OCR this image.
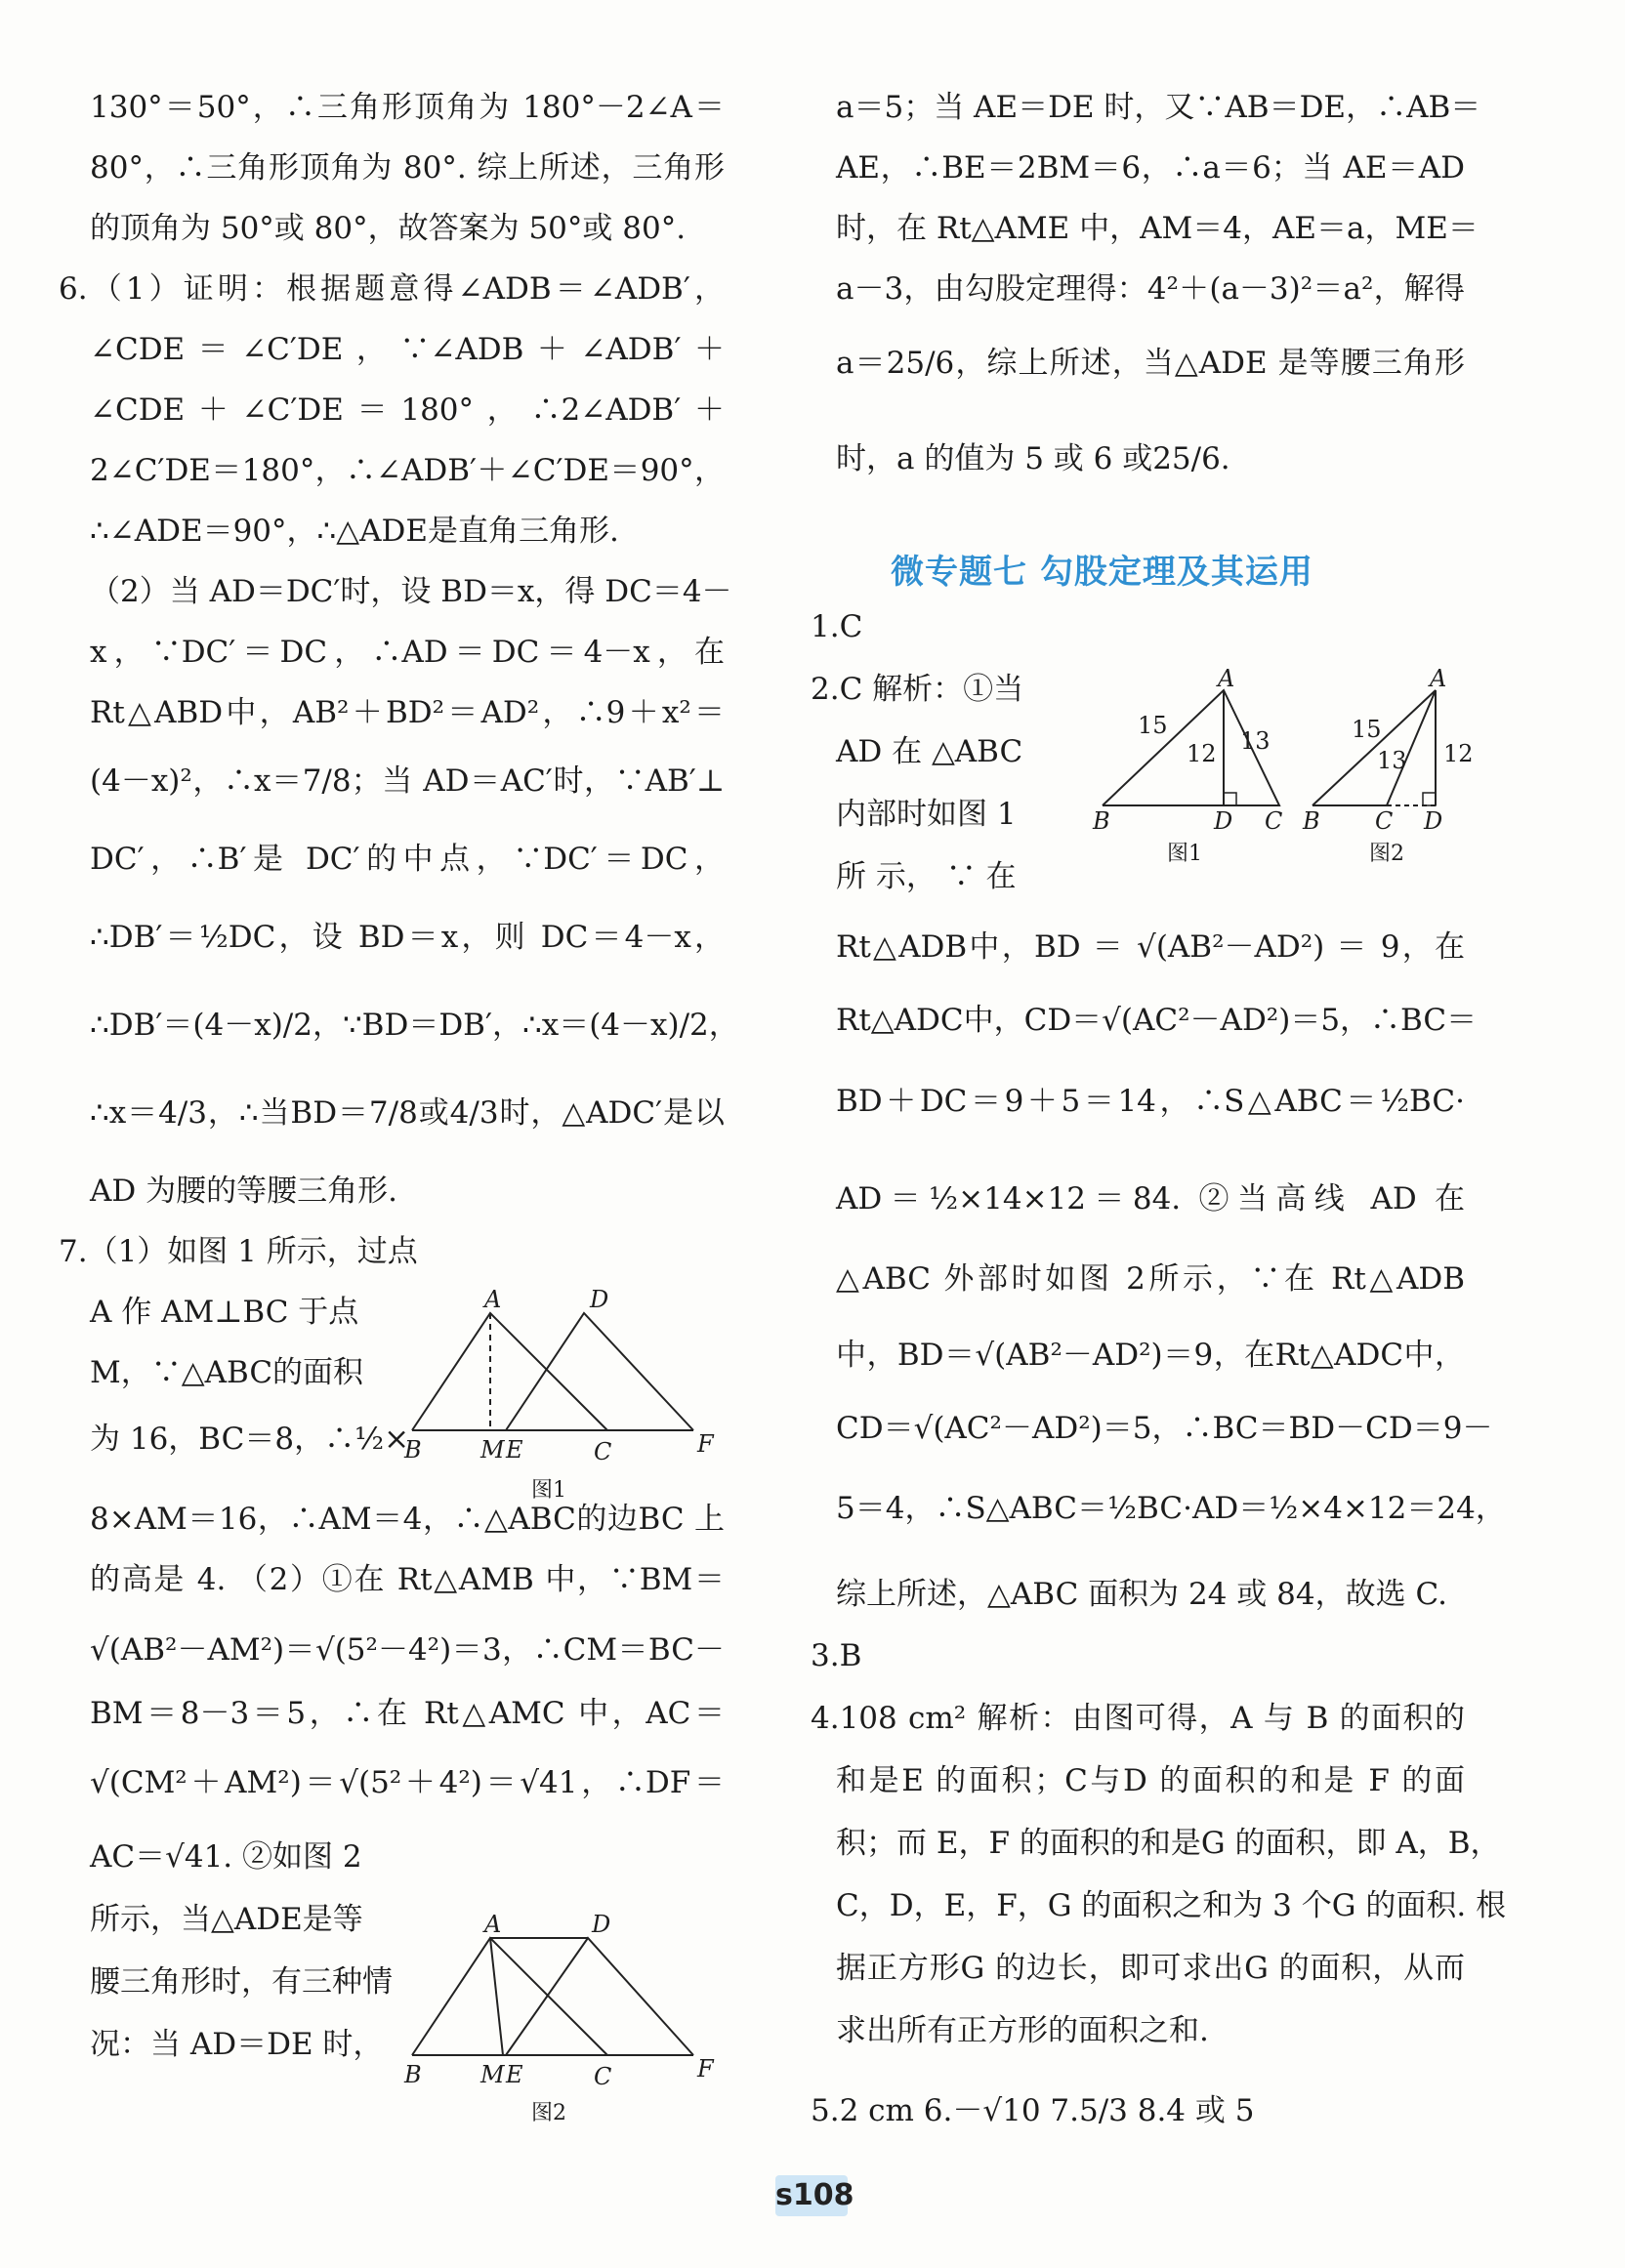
130°＝50°，∴三角形顶角为 180°－2∠A＝
80°，∴三角形顶角为 80°. 综上所述，三角形
的顶角为 50°或 80°，故答案为 50°或 80°.
6.（1）证明：根据题意得∠ADB＝∠ADB′，
∠CDE＝∠C′DE，∵∠ADB＋∠ADB′＋
∠CDE＋∠C′DE＝180°，∴2∠ADB′＋
2∠C′DE＝180°，∴∠ADB′＋∠C′DE＝90°，
∴∠ADE＝90°，∴△ADE是直角三角形.
（2）当 AD＝DC′时，设 BD＝x，得 DC＝4－
x，∵DC′＝DC，∴AD＝DC＝4－x，在
Rt△ABD中，AB²＋BD²＝AD²，∴9＋x²＝
(4－x)²，∴x＝7/8；当 AD＝AC′时，∵AB′⊥
DC′，∴B′是 DC′的中点，∵DC′＝DC，
∴DB′＝½DC，设 BD＝x，则 DC＝4－x，
∴DB′＝(4－x)/2，∵BD＝DB′，∴x＝(4－x)/2，
∴x＝4/3，∴当BD＝7/8或4/3时，△ADC′是以
AD 为腰的等腰三角形.
7.（1）如图 1 所示，过点
A 作 AM⊥BC 于点
M，∵△ABC的面积
为 16，BC＝8，∴½×
8×AM＝16，∴AM＝4，∴△ABC的边BC 上
的高是 4. （2）①在 Rt△AMB 中，∵BM＝
√(AB²－AM²)＝√(5²－4²)＝3，∴CM＝BC－
BM＝8－3＝5，∴在 Rt△AMC 中，AC＝
√(CM²＋AM²)＝√(5²＋4²)＝√41，∴DF＝
AC＝√41. ②如图 2
所示，当△ADE是等
腰三角形时，有三种情
况：当 AD＝DE 时，
A	D
B	M E	C	F
图1
A	D
B	M E	C	F
图2
a＝5；当 AE＝DE 时，又∵AB＝DE，∴AB＝
AE，∴BE＝2BM＝6，∴a＝6；当 AE＝AD
时，在 Rt△AME 中，AM＝4，AE＝a，ME＝
a－3，由勾股定理得：4²＋(a－3)²＝a²，解得
a＝25/6，综上所述，当△ADE 是等腰三角形
时，a 的值为 5 或 6 或25/6.
1.C
2.C 解析：①当
AD 在 △ABC
内部时如图 1
所 示， ∵ 在
Rt△ADB中，BD ＝ √(AB²－AD²) ＝ 9，在
Rt△ADC中，CD＝√(AC²－AD²)＝5，∴BC＝
BD＋DC＝9＋5＝14，∴S△ABC＝½BC·
AD＝½×14×12＝84. ②当高线 AD 在
△ABC 外部时如图 2所示，∵在 Rt△ADB
中，BD＝√(AB²－AD²)＝9，在Rt△ADC中，
CD＝√(AC²－AD²)＝5，∴BC＝BD－CD＝9－
5＝4，∴S△ABC＝½BC·AD＝½×4×12＝24，
综上所述，△ABC 面积为 24 或 84，故选 C.
3.B
4.108 cm² 解析：由图可得，A 与 B 的面积的
和是E 的面积；C与D 的面积的和是 F 的面
积；而 E，F 的面积的和是G 的面积，即 A，B，
C，D，E，F，G 的面积之和为 3 个G 的面积. 根
据正方形G 的边长，即可求出G 的面积，从而
求出所有正方形的面积之和.
5.2 cm 6.－√10 7.5/3 8.4 或 5
A
B	D C
15
12 13
图1
A
B C D
15
13 12
图2
微专题七 勾股定理及其运用
s108
